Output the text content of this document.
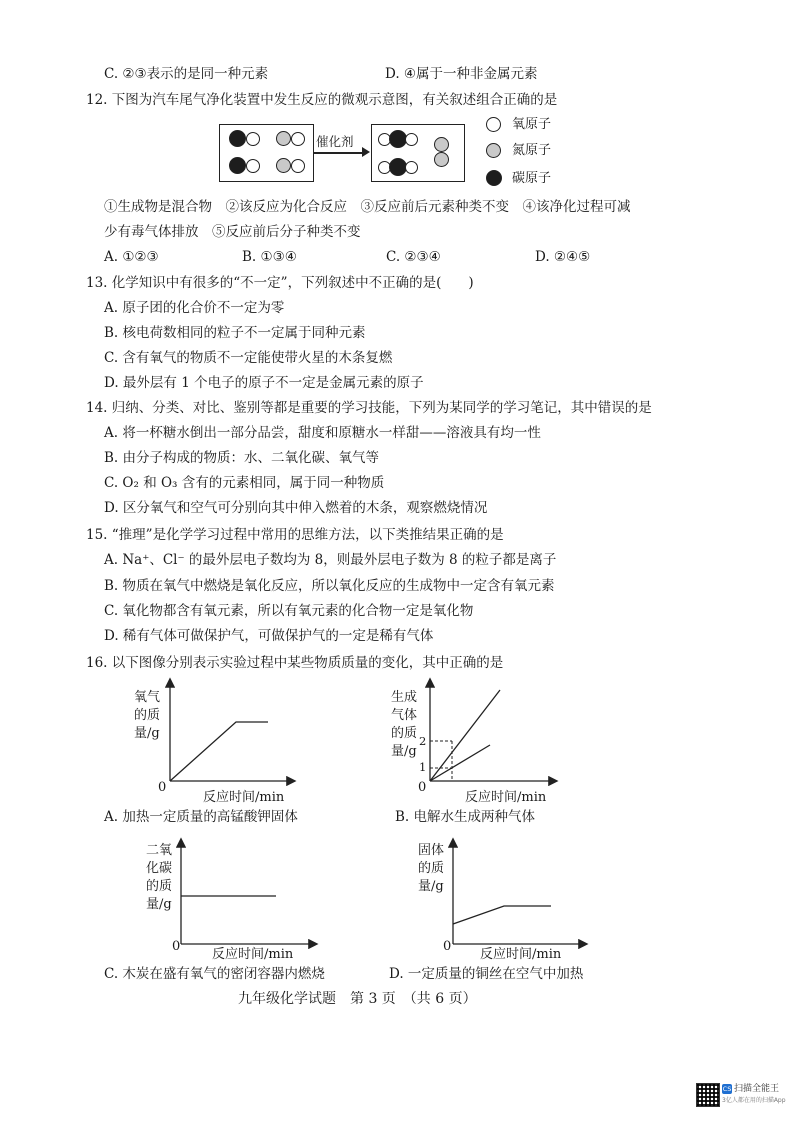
C. ②③表示的是同一种元素	D. ④属于一种非金属元素
12. 下图为汽车尾气净化装置中发生反应的微观示意图，有关叙述组合正确的是
催化剂
氧原子
氮原子
碳原子
①生成物是混合物　②该反应为化合反应　③反应前后元素种类不变　④该净化过程可减
少有毒气体排放　⑤反应前后分子种类不变
A. ①②③	B. ①③④	C. ②③④	D. ②④⑤
13. 化学知识中有很多的“不一定”，下列叙述中不正确的是(　　)
A. 原子团的化合价不一定为零
B. 核电荷数相同的粒子不一定属于同种元素
C. 含有氧气的物质不一定能使带火星的木条复燃
D. 最外层有 1 个电子的原子不一定是金属元素的原子
14. 归纳、分类、对比、鉴别等都是重要的学习技能，下列为某同学的学习笔记，其中错误的是
A. 将一杯糖水倒出一部分品尝，甜度和原糖水一样甜——溶液具有均一性
B. 由分子构成的物质：水、二氧化碳、氧气等
C. O₂ 和 O₃ 含有的元素相同，属于同一种物质
D. 区分氧气和空气可分别向其中伸入燃着的木条，观察燃烧情况
15. “推理”是化学学习过程中常用的思维方法，以下类推结果正确的是
A. Na⁺、Cl⁻ 的最外层电子数均为 8，则最外层电子数为 8 的粒子都是离子
B. 物质在氧气中燃烧是氧化反应，所以氧化反应的生成物中一定含有氧元素
C. 氧化物都含有氧元素，所以有氧元素的化合物一定是氧化物
D. 稀有气体可做保护气，可做保护气的一定是稀有气体
16. 以下图像分别表示实验过程中某些物质质量的变化，其中正确的是
氧气
的质
量/g
0
反应时间/min
A. 加热一定质量的高锰酸钾固体
生成
气体
的质
量/g
2
1
0
反应时间/min
B. 电解水生成两种气体
二氧
化碳
的质
量/g
0
反应时间/min
C. 木炭在盛有氧气的密闭容器内燃烧
固体
的质
量/g
0
反应时间/min
D. 一定质量的铜丝在空气中加热
九年级化学试题　第 3 页　（共 6 页）
CS 扫描全能王
3亿人都在用的扫描App
